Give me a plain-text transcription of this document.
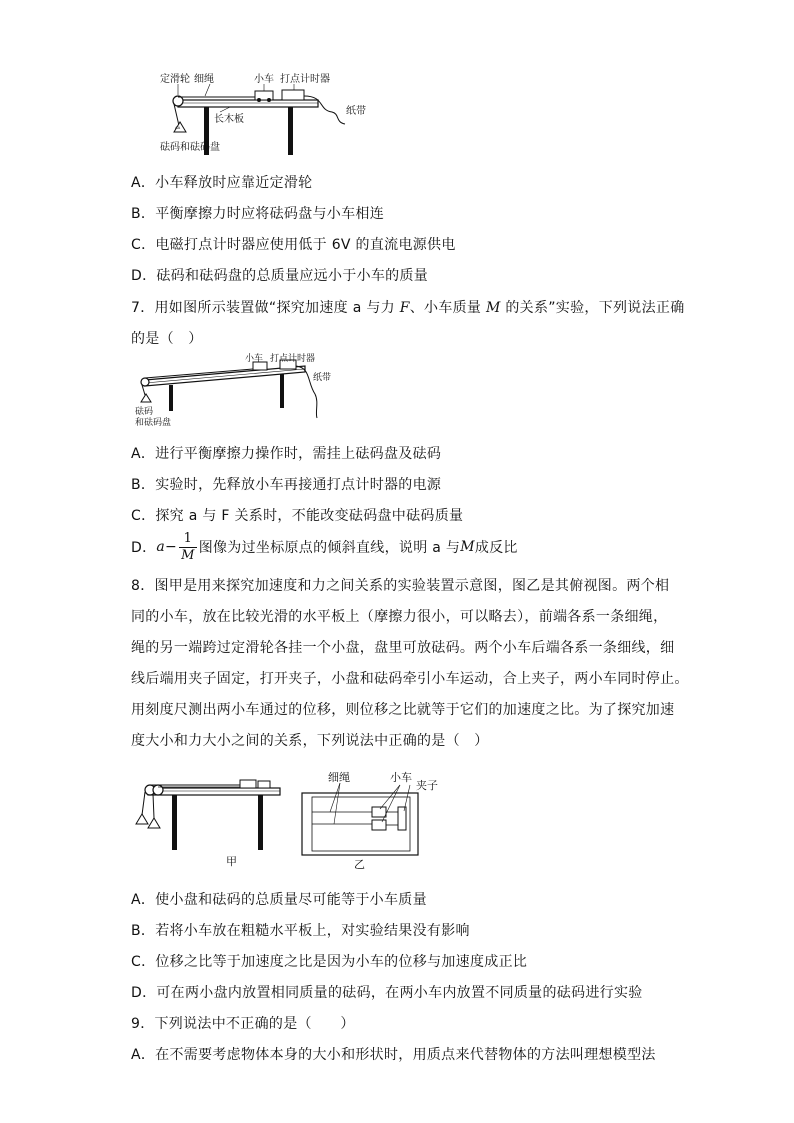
ᴬᴬ
定滑轮 细绳	小车 打点计时器
纸带
长木板
砝码和砝码盘
A．小车释放时应靠近定滑轮
B．平衡摩擦力时应将砝码盘与小车相连
C．电磁打点计时器应使用低于 6V 的直流电源供电
D．砝码和砝码盘的总质量应远小于小车的质量
7．用如图所示装置做“探究加速度 a 与力 F、小车质量 M 的关系”实验，下列说法正确
的是（　）
小车 打点计时器
纸带
砝码
和砝码盘
A．进行平衡摩擦力操作时，需挂上砝码盘及砝码
B．实验时，先释放小车再接通打点计时器的电源
C．探究 a 与 F 关系时，不能改变砝码盘中砝码质量
D． $a - \frac{1}{M}$ 图像为过坐标原点的倾斜直线，说明 a 与 M 成反比
8．图甲是用来探究加速度和力之间关系的实验装置示意图，图乙是其俯视图。两个相
同的小车，放在比较光滑的水平板上（摩擦力很小，可以略去），前端各系一条细绳，
绳的另一端跨过定滑轮各挂一个小盘，盘里可放砝码。两个小车后端各系一条细线，细
线后端用夹子固定，打开夹子，小盘和砝码牵引小车运动，合上夹子，两小车同时停止。
用刻度尺测出两小车通过的位移，则位移之比就等于它们的加速度之比。为了探究加速
度大小和力大小之间的关系，下列说法中正确的是（　）
甲
细绳	小车
夹子
乙
A．使小盘和砝码的总质量尽可能等于小车质量
B．若将小车放在粗糙水平板上，对实验结果没有影响
C．位移之比等于加速度之比是因为小车的位移与加速度成正比
D．可在两小盘内放置相同质量的砝码，在两小车内放置不同质量的砝码进行实验
9．下列说法中不正确的是（　　）
A．在不需要考虑物体本身的大小和形状时，用质点来代替物体的方法叫理想模型法
